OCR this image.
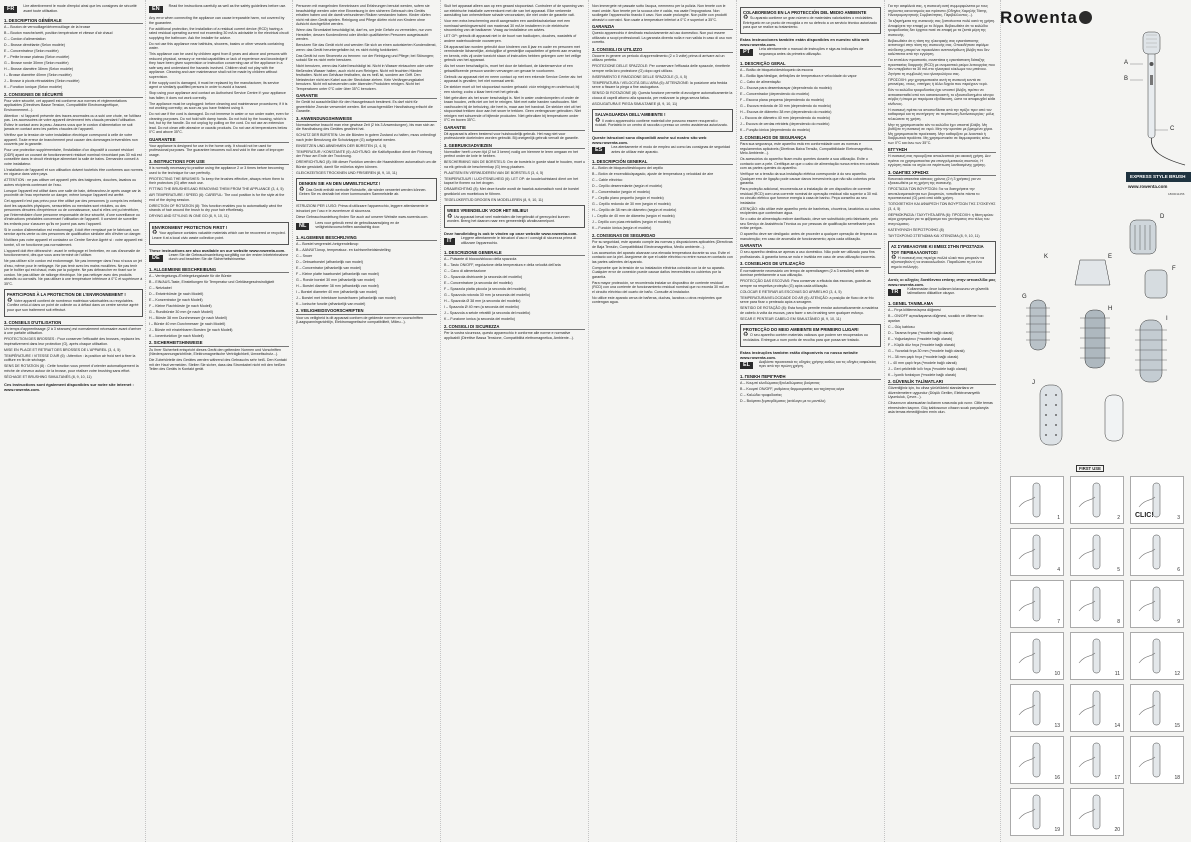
FR	Lire attentivement le mode d'emploi ainsi que les consignes de sécurité avant toute utilisation.
1. DESCRIPTION GÉNÉRALE

A – Bouton de verrouillage/déverrouillage de la brosse

B – Bouton marche/arrêt, position température et vitesse d'air chaud

C – Cordon d'alimentation

D – Brosse démêlante (Selon modèle)

E – Concentrateur (Selon modèle)

F – Petite brosse plateau (Selon modèle)

G – Brosse ronde 30mm (Selon modèle)

H – Brosse diamètre 38mm (Selon modèle)

I – Brosse diamètre 40mm (Selon modèle)

J – Brosse à picots rétractables (Selon modèle)

K – Fonction ionique (Selon modèle)

2. CONSIGNES DE SÉCURITÉ

Pour votre sécurité, cet appareil est conforme aux normes et réglementations applicables (Directives Basse Tension, Compatibilité Electromagnétique, Environnement...).

Attention : si l'appareil présente des traces anormales ou a subi une chute, ne l'utilisez pas. Les accessoires de votre appareil deviennent très chauds pendant l'utilisation. Évitez le contact avec la peau. Assurez-vous que le cordon d'alimentation ne soit jamais en contact avec les parties chaudes de l'appareil.

Vérifiez que la tension de votre installation électrique correspond à celle de votre appareil. Toute erreur de branchement peut causer des dommages irréversibles non couverts par la garantie.

Pour une protection supplémentaire, l'installation d'un dispositif à courant résiduel (DDR) ayant un courant de fonctionnement résiduel nominal n'excédant pas 30 mA est conseillée dans le circuit électrique alimentant la salle de bains. Demandez conseil à votre installateur.

L'installation de l'appareil et son utilisation doivent toutefois être conformes aux normes en vigueur dans votre pays.

ATTENTION : ne pas utiliser cet appareil près des baignoires, douches, lavabos ou autres récipients contenant de l'eau.

Lorsque l'appareil est utilisé dans une salle de bain, débranchez-le après usage car la proximité de l'eau représente un danger, même lorsque l'appareil est arrêté.

Cet appareil n'est pas prévu pour être utilisé par des personnes (y compris les enfants) dont les capacités physiques, sensorielles ou mentales sont réduites, ou des personnes dénuées d'expérience ou de connaissance, sauf si elles ont pu bénéficier, par l'intermédiaire d'une personne responsable de leur sécurité, d'une surveillance ou d'instructions préalables concernant l'utilisation de l'appareil. Il convient de surveiller les enfants pour s'assurer qu'ils ne jouent pas avec l'appareil.

Si le cordon d'alimentation est endommagé, il doit être remplacé par le fabricant, son service après-vente ou des personnes de qualification similaire afin d'éviter un danger.

N'utilisez pas votre appareil et contactez un Centre Service Agréé si : votre appareil est tombé, s'il ne fonctionne pas normalement.

L'appareil doit être débranché : avant le nettoyage et l'entretien, en cas d'anomalie de fonctionnement, dès que vous avez terminé de l'utiliser.

Ne pas utiliser si le cordon est endommagé. Ne pas immerger dans l'eau ni sous un jet d'eau, même pour le nettoyage. Ne pas tenir avec les mains mouillées. Ne pas tenir par le boîtier qui est chaud, mais par la poignée. Ne pas débrancher en tirant sur le cordon. Ne pas utiliser de rallonge électrique. Ne pas nettoyer avec des produits abrasifs ou corrosifs. Ne pas utiliser à une température inférieure à 0°C et supérieure à 35°C.

PARTICIPONS À LA PROTECTION DE L'ENVIRONNEMENT !

♻ Votre appareil contient de nombreux matériaux valorisables ou recyclables. Confiez celui-ci dans un point de collecte ou à défaut dans un centre service agréé pour que son traitement soit effectué.

3. CONSEILS D'UTILISATION

Un temps d'apprentissage (2 à 3 séances) est normalement nécessaire avant d'arriver à une parfaite utilisation.

PROTECTION DES BROSSES : Pour conserver l'efficacité des brosses, replacez les impérativement dans leur protection (G), après chaque utilisation.

MISE EN PLACE ET RETRAIT DES BROSSES DE L'APPAREIL (3, 4, 5)

TEMPÉRATURE / VITESSE D'AIR (6) : Attention : la position air froid sert à fixer la coiffure en fin de séchage.

SENS DE ROTATION (8) : Cette fonction vous permet d'orienter automatiquement la mèche de cheveux autour de la brosse, pour réaliser votre brushing sans effort.

SÉCHAGE ET BRUSHING SIMULTANÉS (8, 9, 10, 11)

Ces instructions sont également disponibles sur notre site internet : www.rowenta.com.
EN	Read the instructions carefully as well as the safety guidelines before use.

Any error when connecting the appliance can cause irreparable harm, not covered by the guarantee.

For additional protection, the installation of a residual current device (RCD) having a rated residual operating current not exceeding 30 mA is advisable in the electrical circuit supplying the bathroom. Ask the installer for advice.

Do not use this appliance near bathtubs, showers, basins or other vessels containing water.

This appliance can be used by children aged from 8 years and above and persons with reduced physical, sensory or mental capabilities or lack of experience and knowledge if they have been given supervision or instruction concerning use of the appliance in a safe way and understand the hazards involved. Children shall not play with the appliance. Cleaning and user maintenance shall not be made by children without supervision.

If the supply cord is damaged, it must be replaced by the manufacturer, its service agent or similarly qualified persons in order to avoid a hazard.

Stop using your appliance and contact an Authorised Service Centre if: your appliance has fallen; it does not work correctly.

The appliance must be unplugged: before cleaning and maintenance procedures; if it is not working correctly; as soon as you have finished using it.

Do not use if the cord is damaged. Do not immerse in water or run under water, even for cleaning purposes. Do not hold with damp hands. Do not hold by the housing, which is hot, but by the handle. Do not unplug by pulling on the cord. Do not use an extension lead. Do not clean with abrasive or caustic products. Do not use at temperatures below 0°C and above 35°C.

GUARANTEE

Your appliance is designed for use in the home only. It should not be used for professional purposes. The guarantee becomes null and void in the case of improper usage.

3. INSTRUCTIONS FOR USE

It is normally necessary to practise using the appliance 2 or 3 times before becoming used to the technique for use perfectly.

PROTECTING THE BRUSHES: To keep the brushes effective, always return them to their protectors (G) after each use.

FITTING THE BRUSHES AND REMOVING THEM FROM THE APPLIANCE (3, 4, 5)

AIR TEMPERATURE / SPEED (6): CAREFUL: The cool position is for the style at the end of the drying session.

DIRECTION OF ROTATION (8): This function enables you to automatically wind the strands of hair around the brush to dry your hair effortlessly.

DRYING AND STYLING IN ONE GO (8, 9, 10, 11)

ENVIRONMENT PROTECTION FIRST !

♻ Your appliance contains valuable materials which can be recovered or recycled. Leave it at a local civic waste collection point.

These instructions are also available on our website www.rowenta.com.
DE	Lesen Sie die Gebrauchsanleitung sorgfältig vor der ersten Inbetriebnahme durch und beachten Sie die Sicherheitshinweise.
1. ALLGEMEINE BESCHREIBUNG

A – Verriegelungs-/Entriegelungstaste für die Bürste

B – EIN/AUS-Taste, Einstellungen für Temperatur und Gebläsegeschwindigkeit

C – Netzkabel

D – Entwirrbürste (je nach Modell)

E – Konzentrator (je nach Modell)

F – Kleine Flachbürste (je nach Modell)

G – Rundbürste 30 mm (je nach Modell)

H – Bürste 38 mm Durchmesser (je nach Modell)

I – Bürste 40 mm Durchmesser (je nach Modell)

J – Bürste mit einziehbaren Borsten (je nach Modell)

K – Ionenfunktion (je nach Modell)

2. SICHERHEITSHINWEISE

Zu Ihrer Sicherheit entspricht dieses Gerät den geltenden Normen und Vorschriften (Niederspannungsrichtlinie, Elektromagnetische Verträglichkeit, Umweltschutz...).

Die Zubehörteile des Gerätes werden während des Gebrauchs sehr heiß. Den Kontakt mit der Haut vermeiden. Stellen Sie sicher, dass das Stromkabel nicht mit den heißen Teilen des Geräts in Kontakt gerät.

Personen mit mangelnden Kenntnissen und Erfahrungen benutzt werden, sofern sie beaufsichtigt werden oder eine Einweisung in den sicheren Gebrauch des Geräts erhalten haben und die damit verbundenen Risiken verstanden haben. Kinder dürfen nicht mit dem Gerät spielen. Reinigung und Pflege dürfen nicht von Kindern ohne Aufsicht durchgeführt werden.

Wenn das Stromkabel beschädigt ist, darf es, um jede Gefahr zu vermeiden, nur vom Hersteller, dessen Kundendienst oder ähnlich qualifizierten Personen ausgetauscht werden.

Benutzen Sie das Gerät nicht und wenden Sie sich an einen autorisierten Kundendienst, wenn: das Gerät heruntergefallen ist; es nicht richtig funktioniert.

Das Gerät ist vom Stromnetz zu trennen: vor der Reinigung und Pflege; bei Störungen; sobald Sie es nicht mehr benutzen.

Nicht benutzen, wenn das Kabel beschädigt ist. Nicht in Wasser eintauchen oder unter fließendes Wasser halten, auch nicht zum Reinigen. Nicht mit feuchten Händen festhalten. Nicht am Gehäuse festhalten, da es heiß ist, sondern am Griff. Den Netzstecker nicht am Kabel aus der Steckdose ziehen. Kein Verlängerungskabel benutzen. Nicht mit scheuernden oder ätzenden Produkten reinigen. Nicht bei Temperaturen unter 0°C oder über 35°C benutzen.

GARANTIE

Ihr Gerät ist ausschließlich für den Hausgebrauch bestimmt. Es darf nicht für gewerbliche Zwecke verwendet werden. Bei unsachgemäßer Handhabung erlischt die Garantie.

3. ANWENDUNGSHINWEISE

Normalerweise braucht man eine gewisse Zeit (2 bis 3 Anwendungen), bis man sich an die Handhabung des Gerätes gewöhnt hat.

SCHUTZ DER BÜRSTEN: Um die Bürsten in gutem Zustand zu halten, muss unbedingt nach jeder Benutzung die Schutzkappe (G) aufgesetzt werden.

EINSETZEN UND ABNEHMEN DER BÜRSTEN (3, 4, 5)

TEMPERATUR / KONSTANTE (6): ACHTUNG: die Kaltluftposition dient der Fixierung der Frisur am Ende der Trocknung.

DREHRICHTUNG (8): Mit dieser Funktion werden die Haarsträhnen automatisch um die Bürste gewickelt, damit Sie mühelos stylen können.

GLEICHZEITIGES TROCKNEN UND FRISIEREN (8, 9, 10, 11)

DENKEN SIE AN DEN UMWELTSCHUTZ !

♻ Das Gerät enthält wertvolle Rohstoffe, die wieder verwertet werden können. Geben Sie es deshalb bei einer kommunalen Sammelstelle ab.

ISTRUZIONI PER L'USO: Prima di utilizzare l'apparecchio, leggere attentamente le istruzioni per l'uso e le avvertenze di sicurezza.

Diese Gebrauchsanleitung finden Sie auch auf unserer Website www.rowenta.com.

NL	Lees voor gebruik eerst de gebruiksaanwijzing en de veiligheidsvoorschriften aandachtig door.
1. ALGEMENE BESCHRIJVING

A – Borstel vergrendel-/ontgrendelknop

B – AAN/UIT-knop, temperatuur- en luchtsnelheidsinstelling

C – Snoer

D – Ontwarborstel (afhankelijk van model)

E – Concentrator (afhankelijk van model)

F – Kleine platte haarborstel (afhankelijk van model)

G – Ronde borstel 30 mm (afhankelijk van model)

H – Borstel diameter 38 mm (afhankelijk van model)

I – Borstel diameter 40 mm (afhankelijk van model)

J – Borstel met intrekbare borstelharen (afhankelijk van model)

K – Ionische functie (afhankelijk van model)

2. VEILIGHEIDSVOORSCHRIFTEN

Voor uw veiligheid is dit apparaat conform de geldende normen en voorschriften (Laagspanningsrichtlijn, Elektromagnetische compatibiliteit, Milieu...).

Sluit het apparaat alleen aan op een geaard stopcontact. Controleer of de spanning van uw elektrische installatie overeenkomt met die van het apparaat. Elke verkeerde aansluiting kan onherstelbare schade veroorzaken, die niet onder de garantie valt.

Voor een extra bescherming wordt aangeraden een aardlekschakelaar met een nominaal werkingsverschil van maximaal 30 mA te installeren in de elektrische stroomkring van de badkamer. Vraag uw installateur om advies.

LET OP: gebruik dit apparaat niet in de buurt van badkuipen, douches, wastafels of andere waterhoudende voorwerpen.

Dit apparaat kan worden gebruikt door kinderen van 8 jaar en ouder en personen met verminderde lichamelijke, zintuiglijke of geestelijke capaciteiten of gebrek aan ervaring en kennis, mits zij onder toezicht staan of instructies hebben gekregen over het veilige gebruik van het apparaat.

Als het snoer beschadigd is, moet het door de fabrikant, de klantenservice of een gekwalificeerde persoon worden vervangen om gevaar te voorkomen.

Gebruik uw apparaat niet en neem contact op met een erkende Service Center als: het apparaat is gevallen; het niet normaal werkt.

De stekker moet uit het stopcontact worden gehaald: vóór reiniging en onderhoud; bij een storing; zodra u klaar bent met het gebruik.

Niet gebruiken als het snoer beschadigd is. Niet in water onderdompelen of onder de kraan houden, zelfs niet om het te reinigen. Niet met natte handen vasthouden. Niet vasthouden bij de behuizing, die heet is, maar aan het handvat. De stekker niet uit het stopcontact trekken door aan het snoer te trekken. Geen verlengsnoer gebruiken. Niet reinigen met schurende of bijtende producten. Niet gebruiken bij temperaturen onder 0°C en boven 35°C.

GARANTIE

Dit apparaat is alleen bestemd voor huishoudelijk gebruik. Het mag niet voor professionele doeleinden worden gebruikt. Bij oneigenlijk gebruik vervalt de garantie.

3. GEBRUIKSADVIEZEN

Normaliter heeft u even tijd (2 tot 3 keren) nodig om hiermee te leren omgaan en het perfect onder de knie te hebben.

BESCHERMING VAN DE BORSTELS: Om de borstels in goede staat te houden, moet u na elk gebruik de beschermkap (G) terug plaatsen.

PLAATSEN EN VERWIJDEREN VAN DE BORSTELS (3, 4, 5)

TEMPERATUUR / LUCHTSNELHEID (6): LET OP: de koudeluchtstand dient om het kapsel te fixeren na het drogen.

DRAAIRICHTING (8): Met deze functie wordt de haarlok automatisch rond de borstel gewikkeld om moeiteloos te föhnen.

TEGELIJKERTIJD DROGEN EN MODELLEREN (8, 9, 10, 11)

WEES VRIENDELIJK VOOR HET MILIEU!

♻ Uw apparaat bevat veel materialen die hergebruikt of gerecycled kunnen worden. Breng het daarom naar een gemeentelijk afvalinzamelpunt.

Deze handleiding is ook te vinden op onze website www.rowenta.com.
IT	Leggere attentamente le istruzioni d'uso e i consigli di sicurezza prima di utilizzare l'apparecchio.
1. DESCRIZIONE GENERALE

A – Pulsante di blocco/sblocco della spazzola

B – Tasto ON/OFF, regolazione della temperatura e della velocità dell'aria

C – Cavo di alimentazione

D – Spazzola districante (a seconda del modello)

E – Concentratore (a seconda del modello)

F – Spazzola piatta piccola (a seconda del modello)

G – Spazzola rotonda 30 mm (a seconda del modello)

H – Spazzola Ø 38 mm (a seconda del modello)

I – Spazzola Ø 40 mm (a seconda del modello)

J – Spazzola a setole retrattili (a seconda del modello)

K – Funzione ionica (a seconda del modello)

2. CONSIGLI DI SICUREZZA

Per la vostra sicurezza, questo apparecchio è conforme alle norme e normative applicabili (Direttive Bassa Tensione, Compatibilità elettromagnetica, Ambiente...).

Non immergete né passate sotto l'acqua, nemmeno per la pulizia. Non tenete con le mani umide. Non tenete per la scocca che è calda, ma usate l'impugnatura. Non scollegate l'apparecchio tirando il cavo. Non usate prolunghe. Non pulite con prodotti abrasivi o corrosivi. Non usate a temperature inferiori a 0°C e superiori a 35°C.

GARANZIA

Questo apparecchio è destinato esclusivamente ad uso domestico. Non può essere utilizzato a scopi professionali. La garanzia diventa nulla e non valida in caso di uso non corretto.

3. CONSIGLI DI UTILIZZO

Occorre in genere un periodo di apprendimento (2 o 3 volte) prima di arrivare ad un utilizzo perfetto.

PROTEZIONE DELLE SPAZZOLE: Per conservare l'efficacia delle spazzole, rimetterle sempre nella loro protezione (G) dopo ogni utilizzo.

INSERIMENTO E RIMOZIONE DELLE SPAZZOLE (3, 4, 5)

TEMPERATURA / VELOCITÀ DELL'ARIA (6): ATTENZIONE: la posizione aria fredda serve a fissare la piega a fine asciugatura.

SENSO DI ROTAZIONE (8): Questa funzione permette di avvolgere automaticamente la ciocca di capelli attorno alla spazzola, per realizzare la piega senza fatica.

ASCIUGATURA E PIEGA SIMULTANEE (8, 9, 10, 11)

SALVAGUARDIA DELL'AMBIENTE !

♻ Il vostro apparecchio contiene materiali che possono essere recuperati o riciclati. Portatelo in un centro di raccolta o presso un centro assistenza autorizzato.

Queste istruzioni sono disponibili anche sul nostro sito web www.rowenta.com.
ES	Lea atentamente el modo de empleo así como las consignas de seguridad antes de utilizar este aparato.
1. DESCRIPCIÓN GENERAL

A – Botón de bloqueo/desbloqueo del cepillo

B – Botón de encendido/apagado, ajuste de temperatura y velocidad de aire

C – Cable eléctrico

D – Cepillo desenredante (según el modelo)

E – Concentrador (según el modelo)

F – Cepillo plano pequeño (según el modelo)

G – Cepillo redondo de 30 mm (según el modelo)

H – Cepillo de 38 mm de diámetro (según el modelo)

I – Cepillo de 40 mm de diámetro (según el modelo)

J – Cepillo con púas retráctiles (según el modelo)

K – Función iónica (según el modelo)

2. CONSIGNAS DE SEGURIDAD

Por su seguridad, este aparato cumple las normas y disposiciones aplicables (Directivas de Baja Tensión, Compatibilidad Electromagnética, Medio ambiente...).

Los accesorios del aparato alcanzan una elevada temperatura durante su uso. Evite el contacto con la piel. Asegúrese de que el cable eléctrico no entre nunca en contacto con las partes calientes del aparato.

Compruebe que la tensión de su instalación eléctrica coincida con la de su aparato. Cualquier error de conexión puede causar daños irreversibles no cubiertos por la garantía.

Para mayor protección, se recomienda instalar un dispositivo de corriente residual (RCD) con una corriente de funcionamiento residual nominal que no exceda 30 mA en el circuito eléctrico del cuarto de baño. Consulte al instalador.

No utilice este aparato cerca de bañeras, duchas, lavabos u otros recipientes que contengan agua.

COLABOREMOS EN LA PROTECCIÓN DEL MEDIO AMBIENTE

♻ Su aparato contiene un gran número de materiales valorizables o reciclables. Entréguelo en un punto de recogida o en su defecto a un servicio técnico autorizado para que se realice su tratamiento.

Estas instrucciones también están disponibles en nuestro sitio web www.rowenta.com.
PT	Leia atentamente o manual de instruções e siga as indicações de segurança antes da primeira utilização.
1. DESCRIÇÃO GERAL

A – Botão de bloqueio/desbloqueio da escova

B – Botão ligar/desligar, definições de temperatura e velocidade do vapor

C – Cabo de alimentação

D – Escova para desembaraçar (dependendo do modelo)

E – Concentrador (dependendo do modelo)

F – Escova plana pequena (dependendo do modelo)

G – Escova redonda de 30 mm (dependendo do modelo)

H – Escova de diâmetro 38 mm (dependendo do modelo)

I – Escova de diâmetro 40 mm (dependendo do modelo)

J – Escova de cerdas retráteis (dependendo do modelo)

K – Função iónica (dependendo do modelo)

2. CONSELHOS DE SEGURANÇA

Para sua segurança, este aparelho está em conformidade com as normas e regulamentos aplicáveis (Diretivas Baixa Tensão, Compatibilidade Eletromagnética, Meio Ambiente...).

Os acessórios do aparelho ficam muito quentes durante a sua utilização. Evite o contacto com a pele. Certifique-se que o cabo de alimentação nunca entra em contacto com as partes quentes do aparelho.

Verifique se a tensão da sua instalação elétrica corresponde à do seu aparelho. Qualquer erro de ligação pode causar danos irreversíveis que não são cobertos pela garantia.

Para proteção adicional, recomenda-se a instalação de um dispositivo de corrente residual (RCD) com uma corrente nominal de operação residual não superior a 30 mA no circuito elétrico que fornece energia à casa de banho. Peça conselho ao seu instalador.

ATENÇÃO: não utilize este aparelho perto de banheiras, chuveiros, lavatórios ou outros recipientes que contenham água.

Se o cabo de alimentação estiver danificado, deve ser substituído pelo fabricante, pelo seu Serviço de Assistência Técnica ou por pessoas de qualificação semelhante para evitar perigos.

O aparelho deve ser desligado: antes de proceder a qualquer operação de limpeza ou manutenção; em caso de anomalia de funcionamento; após cada utilização.

GARANTIA

O seu aparelho destina-se apenas a uso doméstico. Não pode ser utilizado para fins profissionais. A garantia torna-se nula e inválida em caso de uma utilização incorreta.

3. CONSELHOS DE UTILIZAÇÃO

É normalmente necessário um tempo de aprendizagem (2 a 3 sessões) antes de dominar perfeitamente a sua utilização.

PROTECÇÃO DAS ESCOVAS: Para conservar a eficácia das escovas, guarde-as sempre na respetiva proteção (G) após cada utilização.

COLOCAR E RETIRAR AS ESCOVAS DO APARELHO (3, 4, 5)

TEMPERATURA/VELOCIDADE DO AR (6): ATENÇÃO: a posição de fluxo de ar frio serve para fixar o penteado após a secagem.

SENTIDO DE ROTAÇÃO (8): Esta função permite enrolar automaticamente a madeixa de cabelo à volta da escova, para fazer o seu brushing sem qualquer esforço.

SECAR E PENTEAR CABELO EM SIMULTÂNEO (8, 9, 10, 11)

PROTECÇÃO DO MEIO AMBIENTE EM PRIMEIRO LUGAR!

♻ O seu aparelho contém materiais valiosos que podem ser recuperados ou reciclados. Entregue-o num ponto de recolha para que possa ser tratado.

Estas instruções também estão disponíveis no nosso website www.rowenta.com.
EL	Διαβάστε προσεκτικά τις οδηγίες χρήσης καθώς και τις οδηγίες ασφαλείας πριν από την πρώτη χρήση.
1. ΓΕΝΙΚΗ ΠΕΡΙΓΡΑΦΗ

A – Κουμπί κλειδώματος/ξεκλειδώματος βούρτσας

B – Κουμπί ON/OFF, ρυθμίσεις θερμοκρασίας και ταχύτητας αέρα

C – Καλώδιο τροφοδοσίας

D – Βούρτσα ξεμπερδέματος (ανάλογα με το μοντέλο)

Για την ασφάλειά σας, η συσκευή αυτή συμμορφώνεται με τους ισχύοντες κανονισμούς και πρότυπα (Οδηγίες Χαμηλής Τάσης, Ηλεκτρομαγνητικής Συμβατότητας, Περιβάλλοντος...).

Τα εξαρτήματα της συσκευής σας ζεσταίνονται πολύ κατά τη χρήση. Αποφύγετε την επαφή με το δέρμα. Βεβαιωθείτε ότι το καλώδιο τροφοδοσίας δεν έρχεται ποτέ σε επαφή με τα ζεστά μέρη της συσκευής.

Βεβαιωθείτε ότι η τάση της ηλεκτρικής σας εγκατάστασης αντιστοιχεί στην τάση της συσκευής σας. Οποιοδήποτε σφάλμα σύνδεσης μπορεί να προκαλέσει ανεπανόρθωτη βλάβη που δεν καλύπτεται από την εγγύηση.

Για επιπλέον προστασία, συνιστάται η εγκατάσταση διάταξης προστασίας διαρροής (RCD) με ονομαστικό ρεύμα λειτουργίας που δεν υπερβαίνει τα 30 mA στο ηλεκτρικό κύκλωμα του μπάνιου. Ζητήστε τη συμβουλή του ηλεκτρολόγου σας.

ΠΡΟΣΟΧΗ: μην χρησιμοποιείτε αυτή τη συσκευή κοντά σε μπανιέρες, ντους, νιπτήρες ή άλλα δοχεία που περιέχουν νερό.

Εάν το καλώδιο τροφοδοσίας έχει υποστεί βλάβη, πρέπει να αντικατασταθεί από τον κατασκευαστή, το εξουσιοδοτημένο κέντρο σέρβις ή άτομα με παρόμοια εξειδίκευση, ώστε να αποφευχθεί κάθε κίνδυνος.

Η συσκευή πρέπει να αποσυνδέεται από την πρίζα: πριν από τον καθαρισμό και τη συντήρηση· σε περίπτωση δυσλειτουργίας· μόλις τελειώσετε τη χρήση.

Μην τη χρησιμοποιείτε εάν το καλώδιο έχει υποστεί βλάβη. Μη βυθίζετε τη συσκευή σε νερό. Μην την κρατάτε με βρεγμένα χέρια. Μη χρησιμοποιείτε προέκταση. Μην καθαρίζετε με λειαντικά ή διαβρωτικά προϊόντα. Μη χρησιμοποιείτε σε θερμοκρασίες κάτω των 0°C και άνω των 35°C.

ΕΓΓΥΗΣΗ

Η συσκευή σας προορίζεται αποκλειστικά για οικιακή χρήση. Δεν πρέπει να χρησιμοποιείται για επαγγελματικούς σκοπούς. Η εγγύηση παύει να ισχύει σε περίπτωση λανθασμένης χρήσης.

3. ΟΔΗΓΙΕΣ ΧΡΗΣΗΣ

Κανονικά απαιτείται κάποιος χρόνος (2 ή 3 χρήσεις) για να εξοικειωθείτε με τη χρήση της συσκευής.

ΠΡΟΣΤΑΣΙΑ ΤΩΝ ΒΟΥΡΤΣΩΝ: Για να διατηρήσετε την αποτελεσματικότητα των βουρτσών, τοποθετείτε πάντα το προστατευτικό (G) μετά από κάθε χρήση.

ΤΟΠΟΘΕΤΗΣΗ ΚΑΙ ΑΦΑΙΡΕΣΗ ΤΩΝ ΒΟΥΡΤΣΩΝ ΤΗΣ ΣΥΣΚΕΥΗΣ (3, 4, 5)

ΘΕΡΜΟΚΡΑΣΙΑ / ΤΑΧΥΤΗΤΑ ΑΕΡΑ (6): ΠΡΟΣΟΧΗ: η θέση κρύου αέρα χρησιμεύει για το φιξάρισμα του χτενίσματος στο τέλος του στεγνώματος.

ΚΑΤΕΥΘΥΝΣΗ ΠΕΡΙΣΤΡΟΦΗΣ (8)

ΤΑΥΤΟΧΡΟΝΟ ΣΤΕΓΝΩΜΑ ΚΑΙ ΧΤΕΝΙΣΜΑ (8, 9, 10, 11)

ΑΣ ΣΥΜΒΑΛΟΥΜΕ ΚΙ ΕΜΕΙΣ ΣΤΗΝ ΠΡΟΣΤΑΣΙΑ ΤΟΥ ΠΕΡΙΒΑΛΛΟΝΤΟΣ!

♻ Η συσκευή σας περιέχει πολλά υλικά που μπορούν να αξιοποιηθούν ή να ανακυκλωθούν. Παραδώστε τη σε ένα σημείο συλλογής.

Αυτές οι οδηγίες διατίθενται επίσης στην ιστοσελίδα μας www.rowenta.com.
TR	Kullanmadan önce kullanım kılavuzunu ve güvenlik talimatlarını dikkatlice okuyun.
1. GENEL TANIMLAMA

A – Fırça kilitleme/açma düğmesi

B – ON/OFF açma/kapama düğmesi, sıcaklık ve üfleme hızı ayarları

C – Güç kablosu

D – Tarama fırçası (*modele bağlı olarak)

E – Yoğunlaştırıcı (*modele bağlı olarak)

F – Küçük düz fırça (*modele bağlı olarak)

G – Yuvarlak fırça 30 mm (*modele bağlı olarak)

H – 38 mm çaplı fırça (*modele bağlı olarak)

I – 40 mm çaplı fırça (*modele bağlı olarak)

J – Geri çekilebilir kıllı fırça (*modele bağlı olarak)

K – İyonik fonksiyon (*modele bağlı olarak)

2. GÜVENLİK TALİMATLARI

Güvenliğiniz için, bu cihaz yürürlükteki standartlara ve düzenlemelere uygundur (Düşük Gerilim, Elektromanyetik Uyumluluk, Çevre...).

Cihazınızın aksesuarları kullanım sırasında çok ısınır. Ciltle temas etmesinden kaçının. Güç kablosunun cihazın sıcak parçalarıyla asla temas etmediğinden emin olun.

Rowenta
A
B
C
EXPRESS STYLE BRUSH
www.rowenta.com
1800011256
D
E
F
G
H
I
J
K
FIRST USE
1	2	3
4	5	6
7	8	9
10	11	12
13	14	15
16	17	18
19	20
CLIC!
